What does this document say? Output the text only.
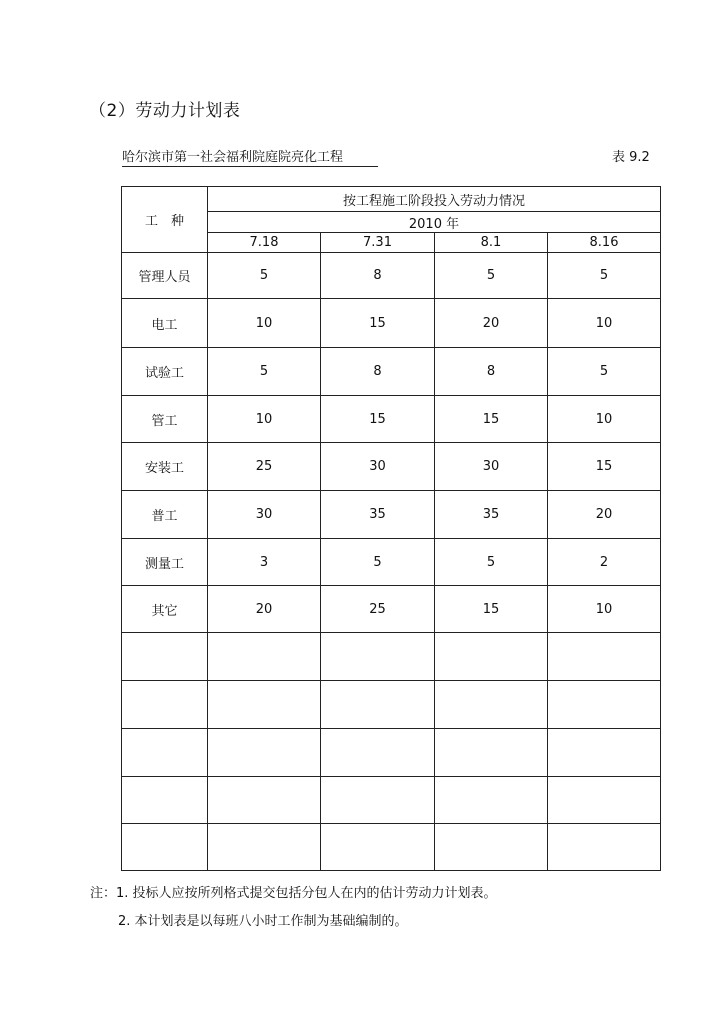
（2）劳动力计划表
哈尔滨市第一社会福利院庭院亮化工程	表 9.2
工　种	按工程施工阶段投入劳动力情况			
	2010 年			
	7.18	7.31	8.1	8.16
管理人员	5	8	5	5
电工	10	15	20	10
试验工	5	8	8	5
管工	10	15	15	10
安装工	25	30	30	15
普工	30	35	35	20
测量工	3	5	5	2
其它	20	25	15	10

注：1. 投标人应按所列格式提交包括分包人在内的估计劳动力计划表。
2. 本计划表是以每班八小时工作制为基础编制的。
